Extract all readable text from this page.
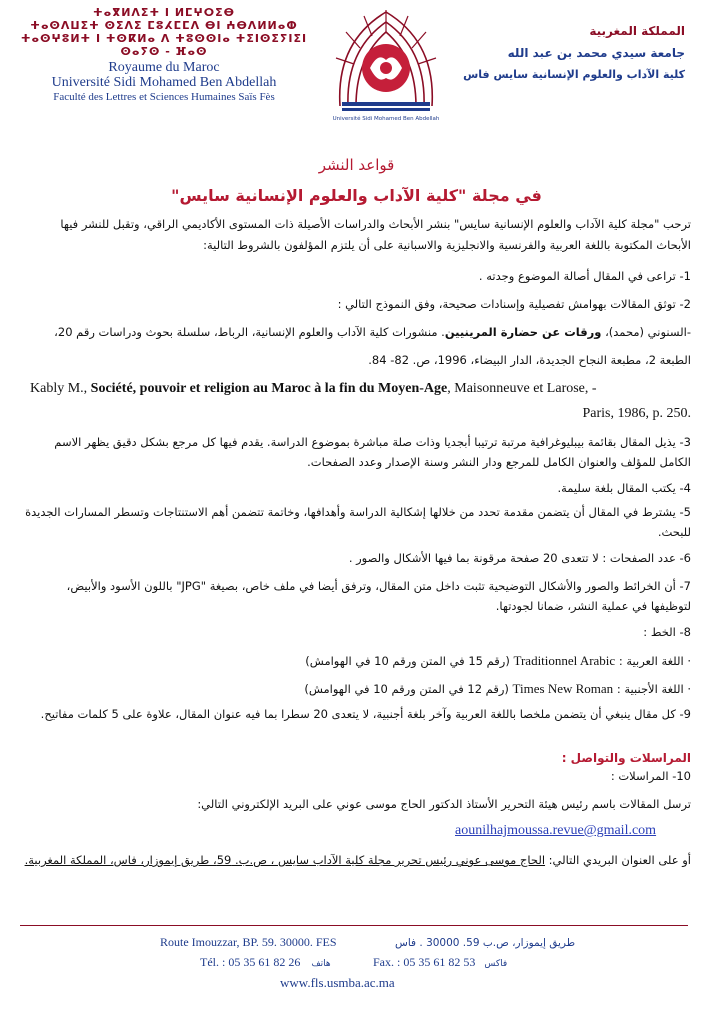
ⵜⴰⴳⵍⴷⵉⵜ ⵏ ⵍⵎⵖⵔⵉⴱ
ⵜⴰⵙⴷⵡⵉⵜ ⵙⵉⴷⵉ ⵎⵓⵃⵎⵎⴷ ⴱⵏ ⵄⴱⴷⵍⵍⴰⵀ
ⵜⴰⵙⵖⵓⵍⵜ ⵏ ⵜⵙⴽⵍⴰ ⴷ ⵜⵓⵙⵙⵏⴰ ⵜⵉⵏⵙⵉⵢⵏⵉⵏ
ⵙⴰⵢⵙ - ⴼⴰⵙ
Royaume du Maroc
Université Sidi Mohamed Ben Abdellah
Faculté des Lettres et Sciences Humaines Saïs Fès
Université Sidi Mohamed Ben Abdellah
المملكة المغربية
جامعة سيدي محمد بن عبد الله
كلية الآداب والعلوم الإنسانية سايس فاس
قواعد النشر
في مجلة "كلية الآداب والعلوم الإنسانية سايس"
ترحب "مجلة كلية الآداب والعلوم الإنسانية سايس" بنشر الأبحاث والدراسات الأصيلة ذات المستوى الأكاديمي الراقي، وتقبل للنشر فيها الأبحاث المكتوبة باللغة العربية والفرنسية والانجليزية والاسبانية على أن يلتزم المؤلفون بالشروط التالية:
1- تراعى في المقال أصالة الموضوع وجدته .
2- توثق المقالات بهوامش تفصيلية وإسنادات صحيحة، وفق النموذج التالي :
-السنوني (محمد)، ورقات عن حضارة المرينيين. منشورات كلية الآداب والعلوم الإنسانية، الرباط، سلسلة بحوث ودراسات رقم 20،
الطبعة 2، مطبعة النجاح الجديدة، الدار البيضاء، 1996، ص. 82- 84.
Kably M., Société, pouvoir et religion au Maroc à la fin du Moyen-Age, Maisonneuve et Larose, -
Paris, 1986, p. 250.
3- يذيل المقال بقائمة بيبليوغرافية مرتبة ترتيبا أبجديا وذات صلة مباشرة بموضوع الدراسة. يقدم فيها كل مرجع بشكل دقيق يظهر الاسم الكامل للمؤلف والعنوان الكامل للمرجع ودار النشر وسنة الإصدار وعدد الصفحات.
4- يكتب المقال بلغة سليمة.
5- يشترط في المقال أن يتضمن مقدمة تحدد من خلالها إشكالية الدراسة وأهدافها، وخاتمة تتضمن أهم الاستنتاجات وتسطر المسارات الجديدة للبحث.
6- عدد الصفحات : لا تتعدى 20 صفحة مرقونة بما فيها الأشكال والصور .
7- أن الخرائط والصور والأشكال التوضيحية تثبت داخل متن المقال، وترفق أيضا في ملف خاص، بصيغة "JPG" باللون الأسود والأبيض، لتوظيفها في عملية النشر، ضمانا لجودتها.
8- الخط :
· اللغة العربية : Traditionnel Arabic (رقم 15 في المتن ورقم 10 في الهوامش)
· اللغة الأجنبية : Times New Roman (رقم 12 في المتن ورقم 10 في الهوامش)
9- كل مقال ينبغي أن يتضمن ملخصا باللغة العربية وآخر بلغة أجنبية، لا يتعدى 20 سطرا بما فيه عنوان المقال، علاوة على 5 كلمات مفاتيح.
المراسلات والتواصل :
10- المراسلات :
ترسل المقالات باسم رئيس هيئة التحرير الأستاذ الدكتور الحاج موسى عوني على البريد الإلكتروني التالي:
aounilhajmoussa.revue@gmail.com
أو على العنوان البريدي التالي: الحاج موسى عوني رئيس تحرير مجلة كلية الآداب سايس ، ص.ب. 59، طريق إيموزار، فاس، المملكة المغربية.
Route Imouzzar, BP. 59. 30000. FES	طريق إيموزار، ص.ب 59. 30000 . فاس
Tél. : 05 35 61 82 26 هاتف	Fax. : 05 35 61 82 53 فاكس
www.fls.usmba.ac.ma
